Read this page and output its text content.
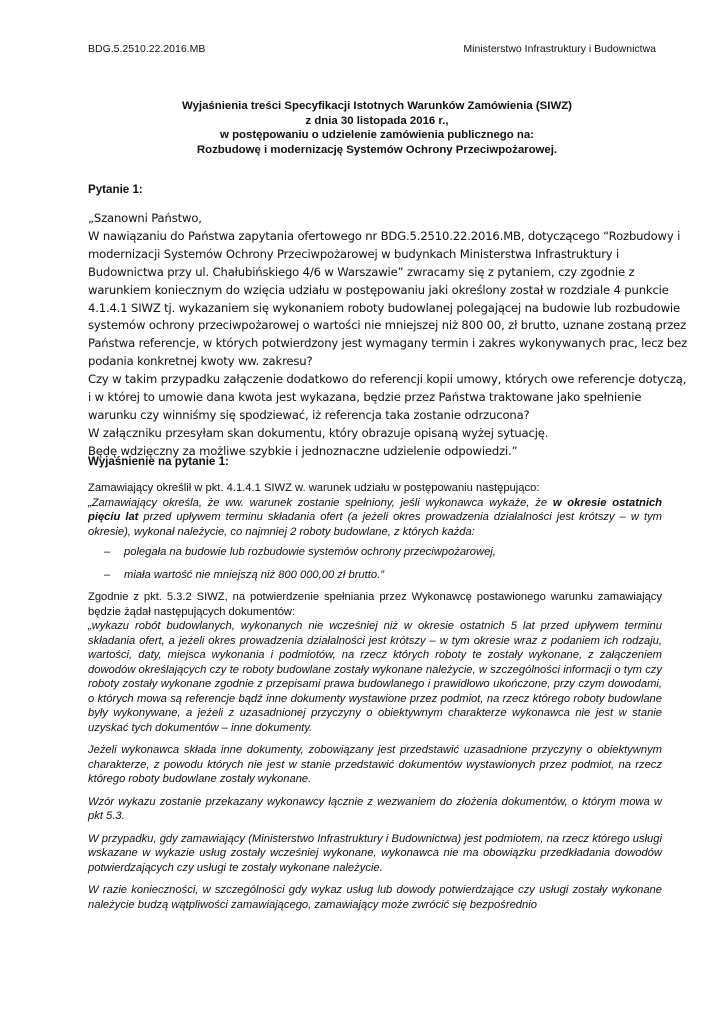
BDG.5.2510.22.2016.MB	Ministerstwo Infrastruktury i Budownictwa
Wyjaśnienia treści Specyfikacji Istotnych Warunków Zamówienia (SIWZ)
z dnia 30 listopada 2016 r.,
w postępowaniu o udzielenie zamówienia publicznego na:
Rozbudowę i modernizację Systemów Ochrony Przeciwpożarowej.
Pytanie 1:
„Szanowni Państwo,
W nawiązaniu do Państwa zapytania ofertowego nr BDG.5.2510.22.2016.MB, dotyczącego “Rozbudowy i
modernizacji Systemów Ochrony Przeciwpożarowej w budynkach Ministerstwa Infrastruktury i
Budownictwa przy ul. Chałubińskiego 4/6 w Warszawie” zwracamy się z pytaniem, czy zgodnie z
warunkiem koniecznym do wzięcia udziału w postępowaniu jaki określony został w rozdziale 4 punkcie
4.1.4.1 SIWZ tj. wykazaniem się wykonaniem roboty budowlanej polegającej na budowie lub rozbudowie
systemów ochrony przeciwpożarowej o wartości nie mniejszej niż 800 00, zł brutto, uznane zostaną przez
Państwa referencje, w których potwierdzony jest wymagany termin i zakres wykonywanych prac, lecz bez
podania konkretnej kwoty ww. zakresu?
Czy w takim przypadku załączenie dodatkowo do referencji kopii umowy, których owe referencje dotyczą,
i w której to umowie dana kwota jest wykazana, będzie przez Państwa traktowane jako spełnienie
warunku czy winniśmy się spodziewać, iż referencja taka zostanie odrzucona?
W załączniku przesyłam skan dokumentu, który obrazuje opisaną wyżej sytuację.
Będę wdzięczny za możliwe szybkie i jednoznaczne udzielenie odpowiedzi.”
Wyjaśnienie na pytanie 1:

Zamawiający określił w pkt. 4.1.4.1 SIWZ w. warunek udziału w postępowaniu następująco:

„Zamawiający określa, że ww. warunek zostanie spełniony, jeśli wykonawca wykaże, że w okresie ostatnich pięciu lat przed upływem terminu składania ofert (a jeżeli okres prowadzenia działalności jest krótszy – w tym okresie), wykonał należycie, co najmniej 2 roboty budowlane, z których każda:

– polegała na budowie lub rozbudowie systemów ochrony przeciwpożarowej,
– miała wartość nie mniejszą niż 800 000,00 zł brutto.”

Zgodnie z pkt. 5.3.2 SIWZ, na potwierdzenie spełniania przez Wykonawcę postawionego warunku zamawiający będzie żądał następujących dokumentów:

„wykazu robót budowlanych, wykonanych nie wcześniej niż w okresie ostatnich 5 lat przed upływem terminu składania ofert, a jeżeli okres prowadzenia działalności jest krótszy – w tym okresie wraz z podaniem ich rodzaju, wartości, daty, miejsca wykonania i podmiotów, na rzecz których roboty te zostały wykonane, z załączeniem dowodów określających czy te roboty budowlane zostały wykonane należycie, w szczególności informacji o tym czy roboty zostały wykonane zgodnie z przepisami prawa budowlanego i prawidłowo ukończone, przy czym dowodami, o których mowa są referencje bądź inne dokumenty wystawione przez podmiot, na rzecz którego roboty budowlane były wykonywane, a jeżeli z uzasadnionej przyczyny o obiektywnym charakterze wykonawca nie jest w stanie uzyskać tych dokumentów – inne dokumenty.

Jeżeli wykonawca składa inne dokumenty, zobowiązany jest przedstawić uzasadnione przyczyny o obiektywnym charakterze, z powodu których nie jest w stanie przedstawić dokumentów wystawionych przez podmiot, na rzecz którego roboty budowlane zostały wykonane.

Wzór wykazu zostanie przekazany wykonawcy łącznie z wezwaniem do złożenia dokumentów, o którym mowa w pkt 5.3.

W przypadku, gdy zamawiający (Ministerstwo Infrastruktury i Budownictwa) jest podmiotem, na rzecz którego usługi wskazane w wykazie usług zostały wcześniej wykonane, wykonawca nie ma obowiązku przedkładania dowodów potwierdzających czy usługi te zostały wykonane należycie.

W razie konieczności, w szczególności gdy wykaz usług lub dowody potwierdzające czy usługi zostały wykonane należycie budzą wątpliwości zamawiającego, zamawiający może zwrócić się bezpośrednio
